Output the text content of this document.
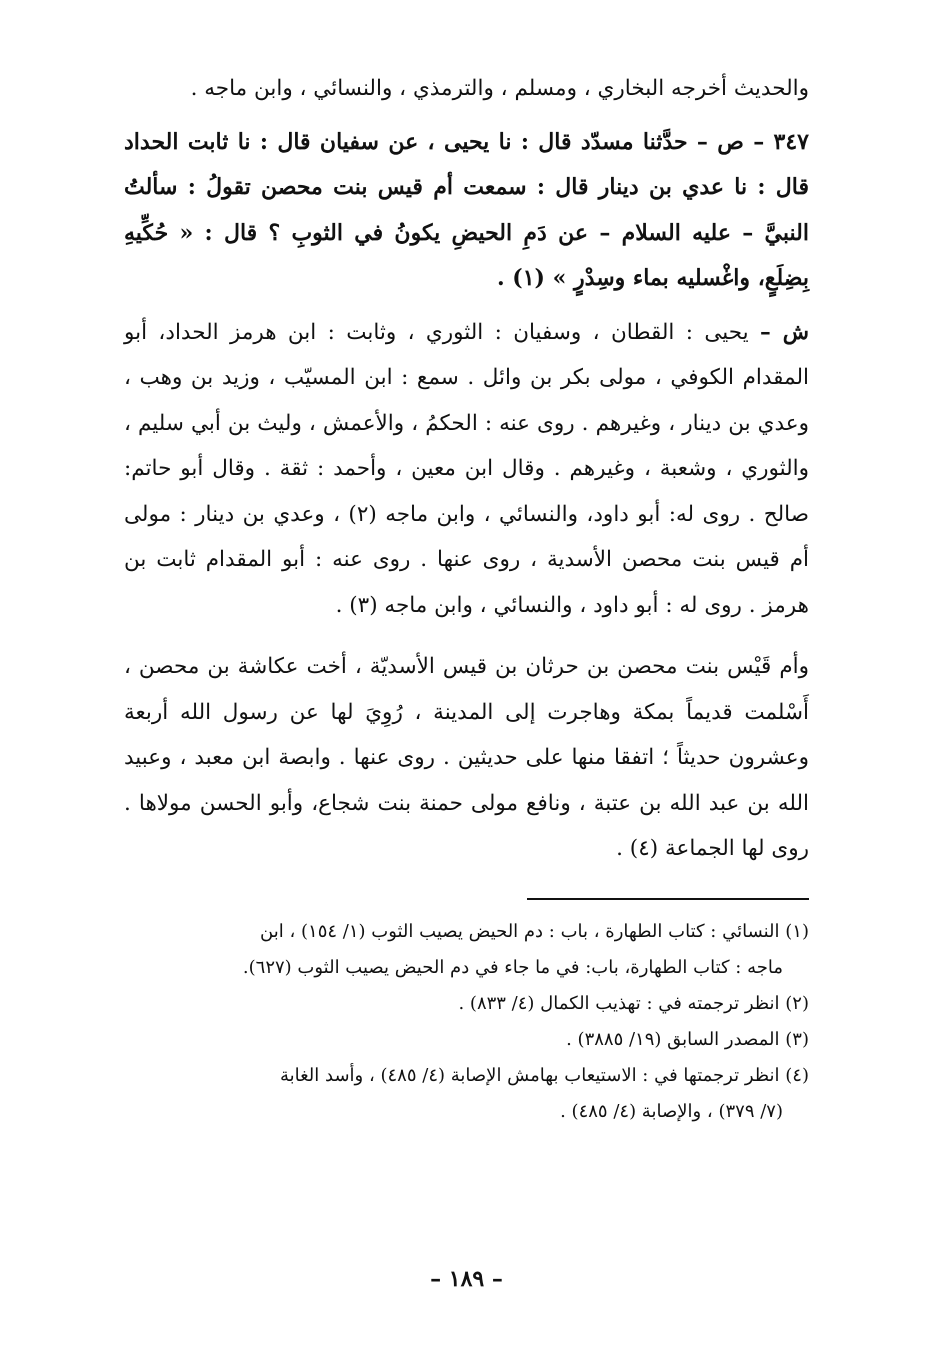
والحديث أخرجه البخاري ، ومسلم ، والترمذي ، والنسائي ، وابن ماجه .

٣٤٧ – ص – حدَّثنا مسدّد قال : نا يحيى ، عن سفيان قال : نا ثابت الحداد قال : نا عدي بن دينار قال : سمعت أم قيس بنت محصن تقولُ : سألتُ النبيَّ – عليه السلام – عن دَمِ الحيضِ يكونُ في الثوبِ ؟ قال : « حُكِّيهِ بِضِلَعٍ، واغْسليه بماء وسِدْرٍ » (١) .

ش – يحيى : القطان ، وسفيان : الثوري ، وثابت : ابن هرمز الحداد، أبو المقدام الكوفي ، مولى بكر بن وائل . سمع : ابن المسيّب ، وزيد بن وهب ، وعدي بن دينار ، وغيرهم . روى عنه : الحكمُ ، والأعمش ، وليث بن أبي سليم ، والثوري ، وشعبة ، وغيرهم . وقال ابن معين ، وأحمد : ثقة . وقال أبو حاتم: صالح . روى له: أبو داود، والنسائي ، وابن ماجه (٢) ، وعدي بن دينار : مولى أم قيس بنت محصن الأسدية ، روى عنها . روى عنه : أبو المقدام ثابت بن هرمز . روى له : أبو داود ، والنسائي ، وابن ماجه (٣) .

وأم قَيْس بنت محصن بن حرثان بن قيس الأسديّة ، أخت عكاشة بن محصن ، أَسْلمت قديماً بمكة وهاجرت إلى المدينة ، رُوِيَ لها عن رسول الله أربعة وعشرون حديثاً ؛ اتفقا منها على حديثين . روى عنها . وابصة ابن معبد ، وعبيد الله بن عبد الله بن عتبة ، ونافع مولى حمنة بنت شجاع، وأبو الحسن مولاها . روى لها الجماعة (٤) .

(١) النسائي : كتاب الطهارة ، باب : دم الحيض يصيب الثوب (١/ ١٥٤) ، ابن

ماجه : كتاب الطهارة، باب: في ما جاء في دم الحيض يصيب الثوب (٦٢٧).

(٢) انظر ترجمته في : تهذيب الكمال (٤/ ٨٣٣) .

(٣) المصدر السابق (١٩/ ٣٨٨٥) .

(٤) انظر ترجمتها في : الاستيعاب بهامش الإصابة (٤/ ٤٨٥) ، وأسد الغابة

(٧/ ٣٧٩) ، والإصابة (٤/ ٤٨٥) .

– ١٨٩ –
